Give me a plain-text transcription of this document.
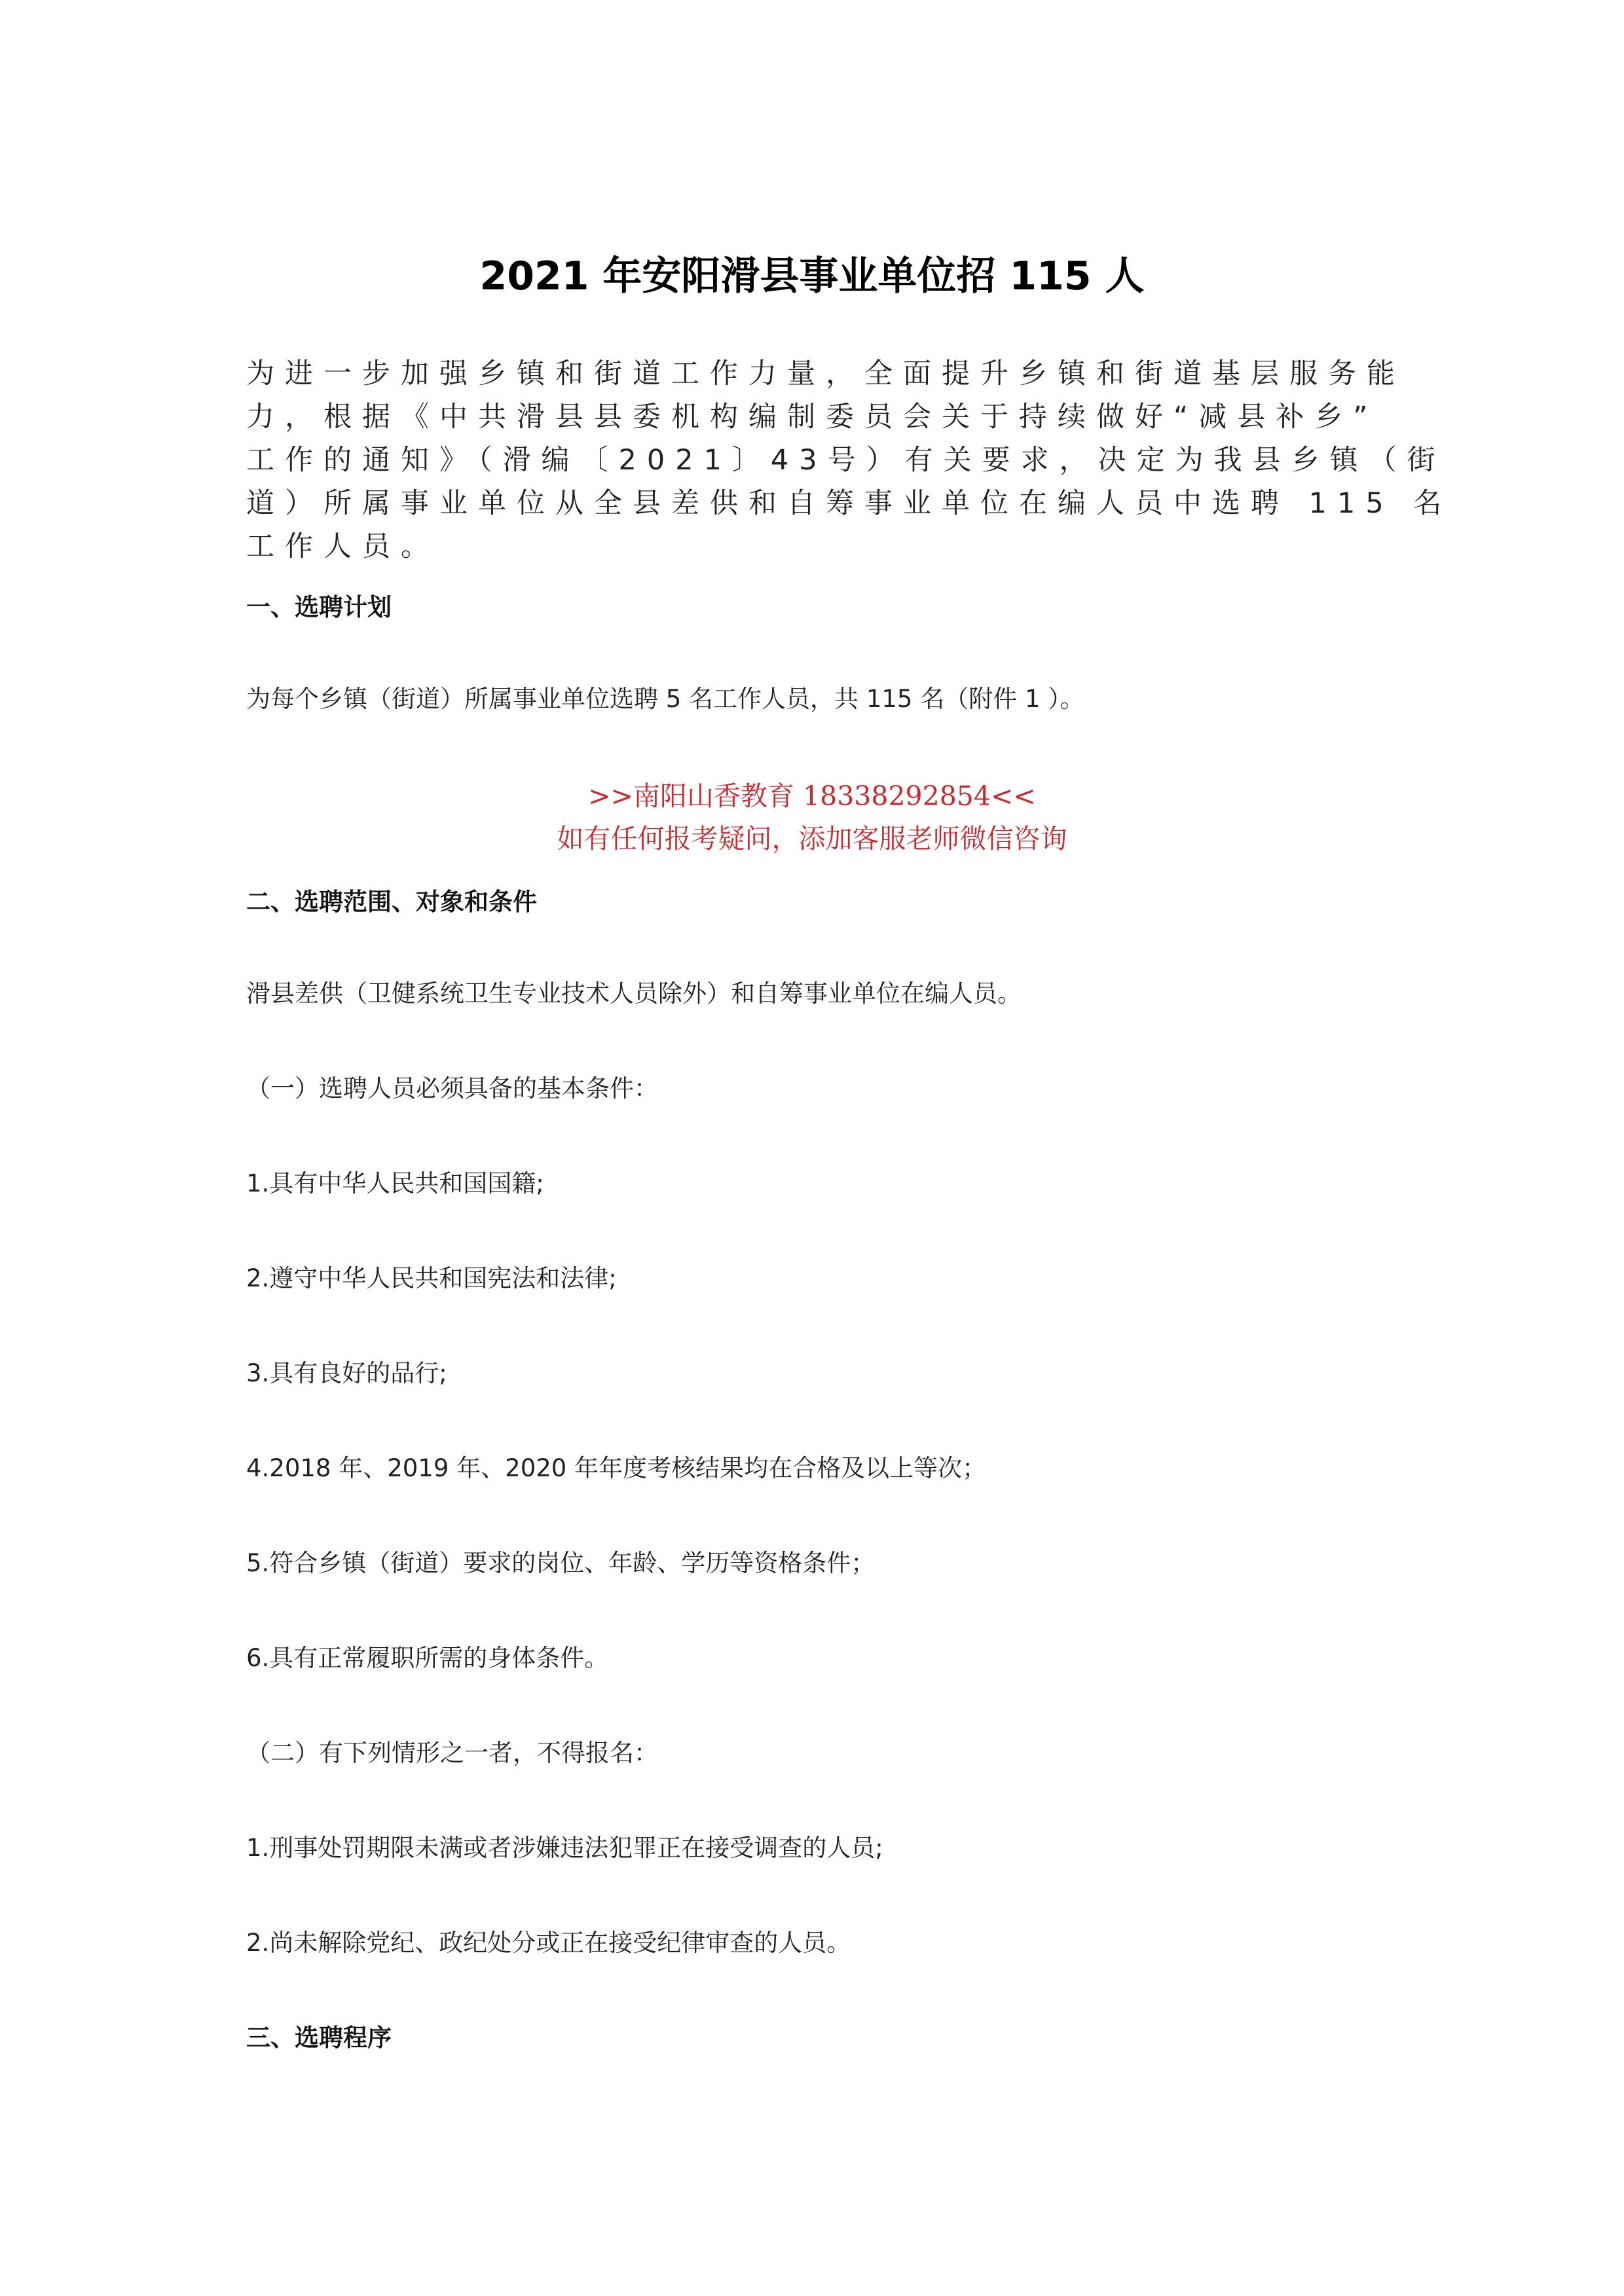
2021 年安阳滑县事业单位招 115 人
为进一步加强乡镇和街道工作力量，全面提升乡镇和街道基层服务能
力，根据《中共滑县县委机构编制委员会关于持续做好“减县补乡”
工作的通知》（滑编〔2021〕43号）有关要求，决定为我县乡镇（街
道）所属事业单位从全县差供和自筹事业单位在编人员中选聘 115 名
工作人员。
一、选聘计划
为每个乡镇（街道）所属事业单位选聘 5 名工作人员，共 115 名（附件 1 ）。
>>南阳山香教育 18338292854<<
如有任何报考疑问，添加客服老师微信咨询
二、选聘范围、对象和条件
滑县差供（卫健系统卫生专业技术人员除外）和自筹事业单位在编人员。
（一）选聘人员必须具备的基本条件：
1.具有中华人民共和国国籍;
2.遵守中华人民共和国宪法和法律;
3.具有良好的品行;
4.2018 年、2019 年、2020 年年度考核结果均在合格及以上等次；
5.符合乡镇（街道）要求的岗位、年龄、学历等资格条件；
6.具有正常履职所需的身体条件。
（二）有下列情形之一者，不得报名：
1.刑事处罚期限未满或者涉嫌违法犯罪正在接受调查的人员;
2.尚未解除党纪、政纪处分或正在接受纪律审查的人员。
三、选聘程序
